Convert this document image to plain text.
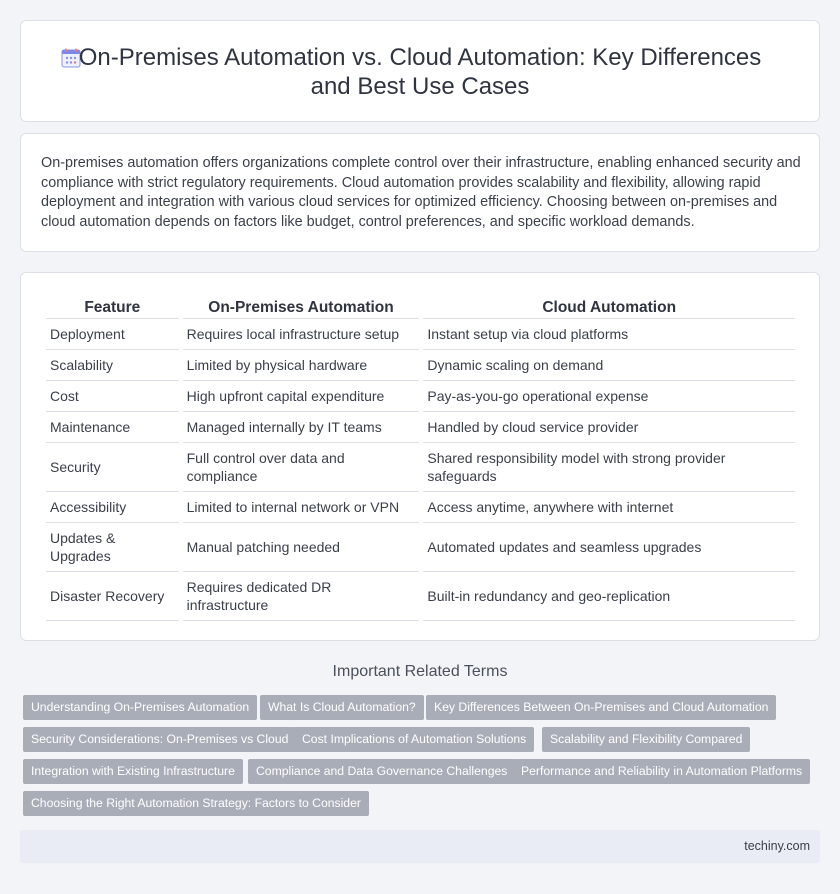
On-Premises Automation vs. Cloud Automation: Key Differences
and Best Use Cases

On-premises automation offers organizations complete control over their infrastructure, enabling enhanced security and compliance with strict regulatory requirements. Cloud automation provides scalability and flexibility, allowing rapid deployment and integration with various cloud services for optimized efficiency. Choosing between on-premises and cloud automation depends on factors like budget, control preferences, and specific workload demands.

Feature	On-Premises Automation	Cloud Automation
Deployment	Requires local infrastructure setup	Instant setup via cloud platforms
Scalability	Limited by physical hardware	Dynamic scaling on demand
Cost	High upfront capital expenditure	Pay-as-you-go operational expense
Maintenance	Managed internally by IT teams	Handled by cloud service provider
Security	Full control over data and compliance	Shared responsibility model with strong provider safeguards
Accessibility	Limited to internal network or VPN	Access anytime, anywhere with internet
Updates & Upgrades	Manual patching needed	Automated updates and seamless upgrades
Disaster Recovery	Requires dedicated DR infrastructure	Built-in redundancy and geo-replication
Important Related Terms
Understanding On-Premises Automation	What Is Cloud Automation?	Key Differences Between On-Premises and Cloud Automation
Security Considerations: On-Premises vs Cloud	Cost Implications of Automation Solutions	Scalability and Flexibility Compared
Integration with Existing Infrastructure	Compliance and Data Governance Challenges	Performance and Reliability in Automation Platforms
Choosing the Right Automation Strategy: Factors to Consider
techiny.com
